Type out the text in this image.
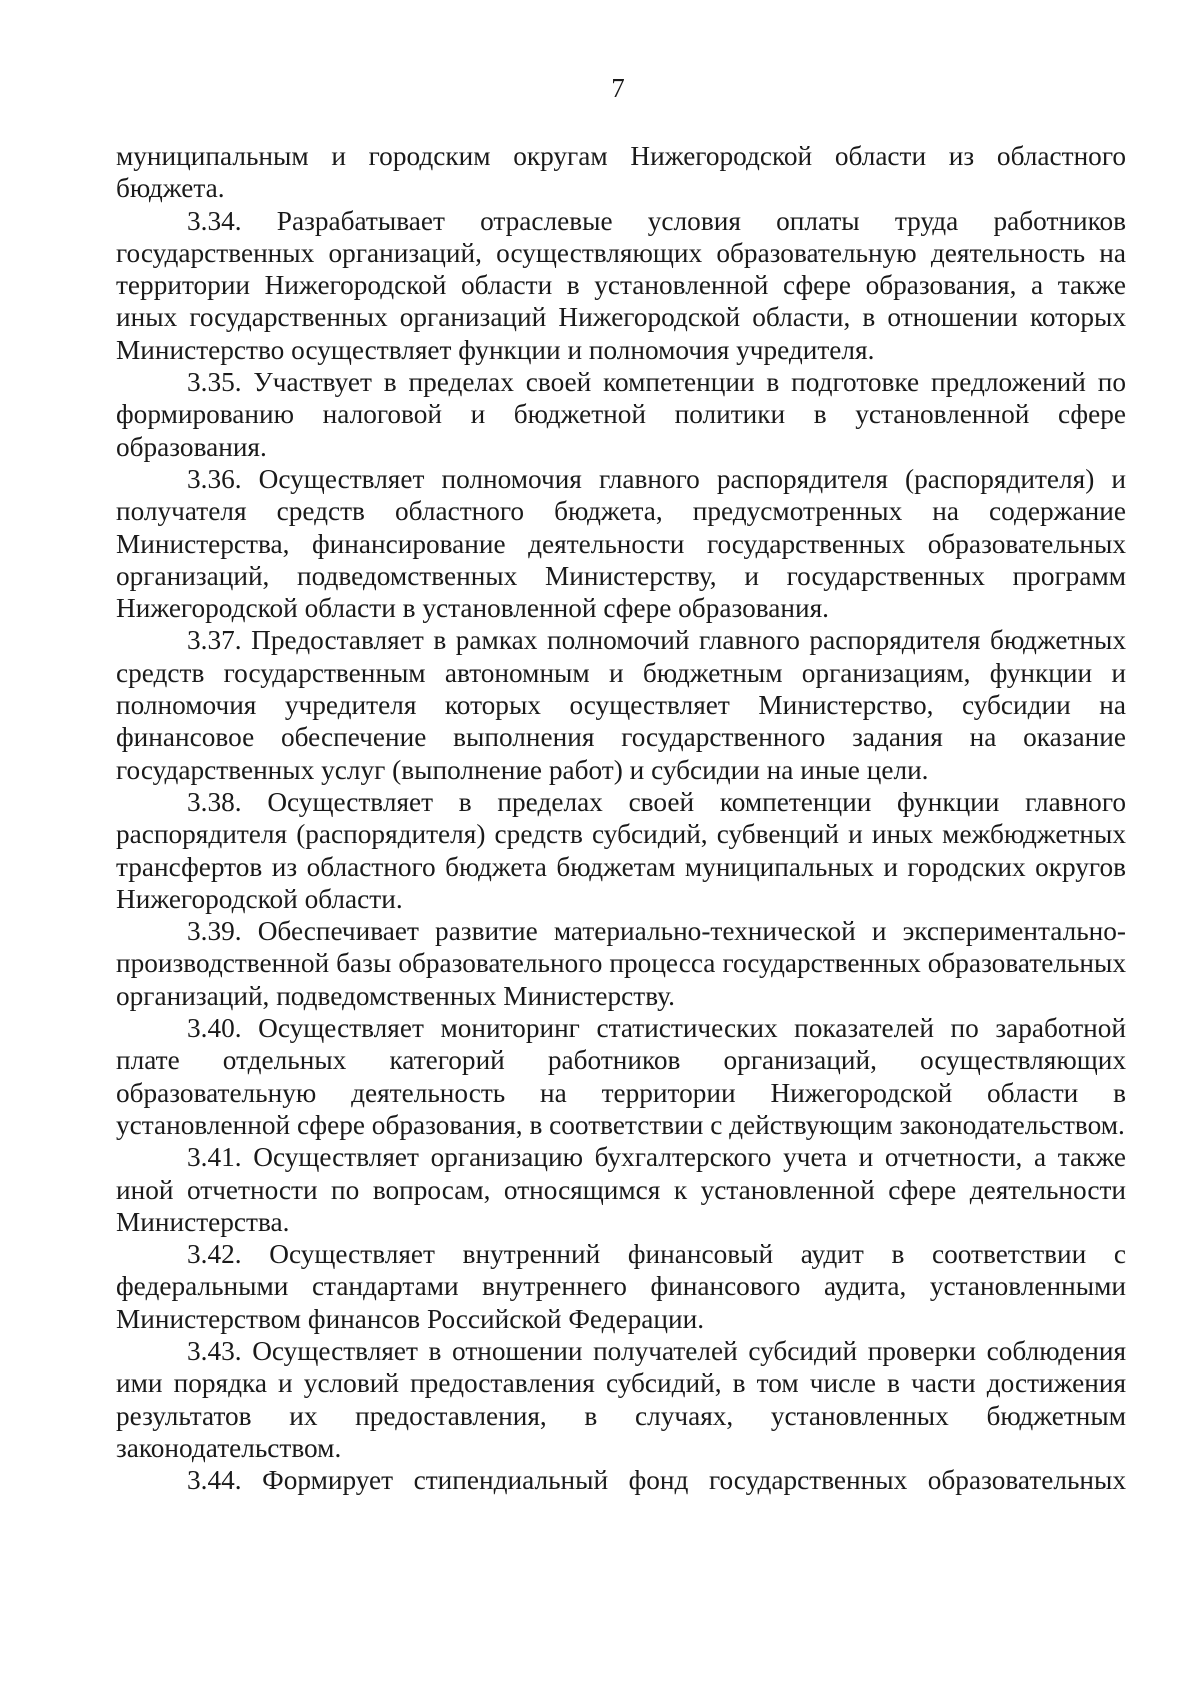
7

муниципальным и городским округам Нижегородской области из областного бюджета.

3.34. Разрабатывает отраслевые условия оплаты труда работников государственных организаций, осуществляющих образовательную деятельность на территории Нижегородской области в установленной сфере образования, а также иных государственных организаций Нижегородской области, в отношении которых Министерство осуществляет функции и полномочия учредителя.

3.35. Участвует в пределах своей компетенции в подготовке предложений по формированию налоговой и бюджетной политики в установленной сфере образования.

3.36. Осуществляет полномочия главного распорядителя (распорядителя) и получателя средств областного бюджета, предусмотренных на содержание Министерства, финансирование деятельности государственных образовательных организаций, подведомственных Министерству, и государственных программ Нижегородской области в установленной сфере образования.

3.37. Предоставляет в рамках полномочий главного распорядителя бюджетных средств государственным автономным и бюджетным организациям, функции и полномочия учредителя которых осуществляет Министерство, субсидии на финансовое обеспечение выполнения государственного задания на оказание государственных услуг (выполнение работ) и субсидии на иные цели.

3.38. Осуществляет в пределах своей компетенции функции главного распорядителя (распорядителя) средств субсидий, субвенций и иных межбюджетных трансфертов из областного бюджета бюджетам муниципальных и городских округов Нижегородской области.

3.39. Обеспечивает развитие материально-технической и экспериментально-производственной базы образовательного процесса государственных образовательных организаций, подведомственных Министерству.

3.40. Осуществляет мониторинг статистических показателей по заработной плате отдельных категорий работников организаций, осуществляющих образовательную деятельность на территории Нижегородской области в установленной сфере образования, в соответствии с действующим законодательством.

3.41. Осуществляет организацию бухгалтерского учета и отчетности, а также иной отчетности по вопросам, относящимся к установленной сфере деятельности Министерства.

3.42. Осуществляет внутренний финансовый аудит в соответствии с федеральными стандартами внутреннего финансового аудита, установленными Министерством финансов Российской Федерации.

3.43. Осуществляет в отношении получателей субсидий проверки соблюдения ими порядка и условий предоставления субсидий, в том числе в части достижения результатов их предоставления, в случаях, установленных бюджетным законодательством.

3.44. Формирует стипендиальный фонд государственных образовательных
